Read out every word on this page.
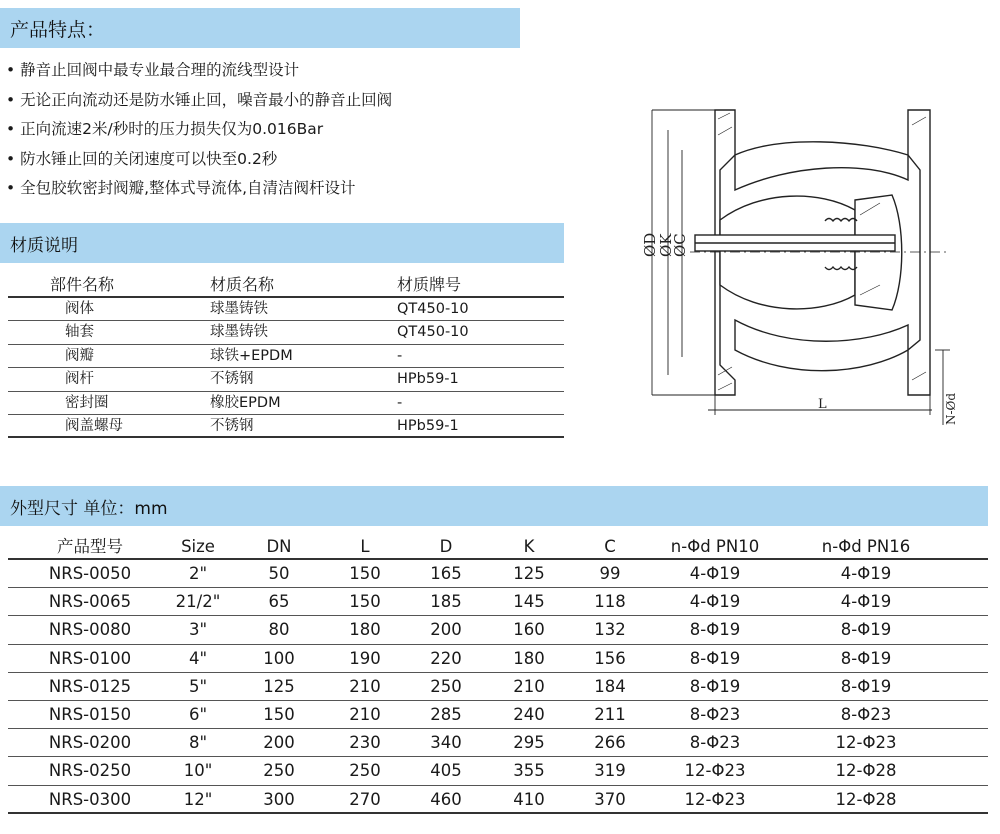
产品特点：
• 静音止回阀中最专业最合理的流线型设计
• 无论正向流动还是防水锤止回，噪音最小的静音止回阀
• 正向流速2米/秒时的压力损失仅为0.016Bar
• 防水锤止回的关闭速度可以快至0.2秒
• 全包胶软密封阀瓣,整体式导流体,自清洁阀杆设计
材质说明
部件名称	材质名称	材质牌号
阀体	球墨铸铁	QT450-10
轴套	球墨铸铁	QT450-10
阀瓣	球铁+EPDM	-
阀杆	不锈钢	HPb59-1
密封圈	橡胶EPDM	-
阀盖螺母	不锈钢	HPb59-1
ØD
ØK
ØC
L	N-Ød
外型尺寸 单位：mm
产品型号	Size	DN	L	D	K	C	n-Φd PN10	n-Φd PN16
NRS-0050	2"	50	150	165	125	99	4-Φ19	4-Φ19
NRS-0065	21/2"	65	150	185	145	118	4-Φ19	4-Φ19
NRS-0080	3"	80	180	200	160	132	8-Φ19	8-Φ19
NRS-0100	4"	100	190	220	180	156	8-Φ19	8-Φ19
NRS-0125	5"	125	210	250	210	184	8-Φ19	8-Φ19
NRS-0150	6"	150	210	285	240	211	8-Φ23	8-Φ23
NRS-0200	8"	200	230	340	295	266	8-Φ23	12-Φ23
NRS-0250	10"	250	250	405	355	319	12-Φ23	12-Φ28
NRS-0300	12"	300	270	460	410	370	12-Φ23	12-Φ28
